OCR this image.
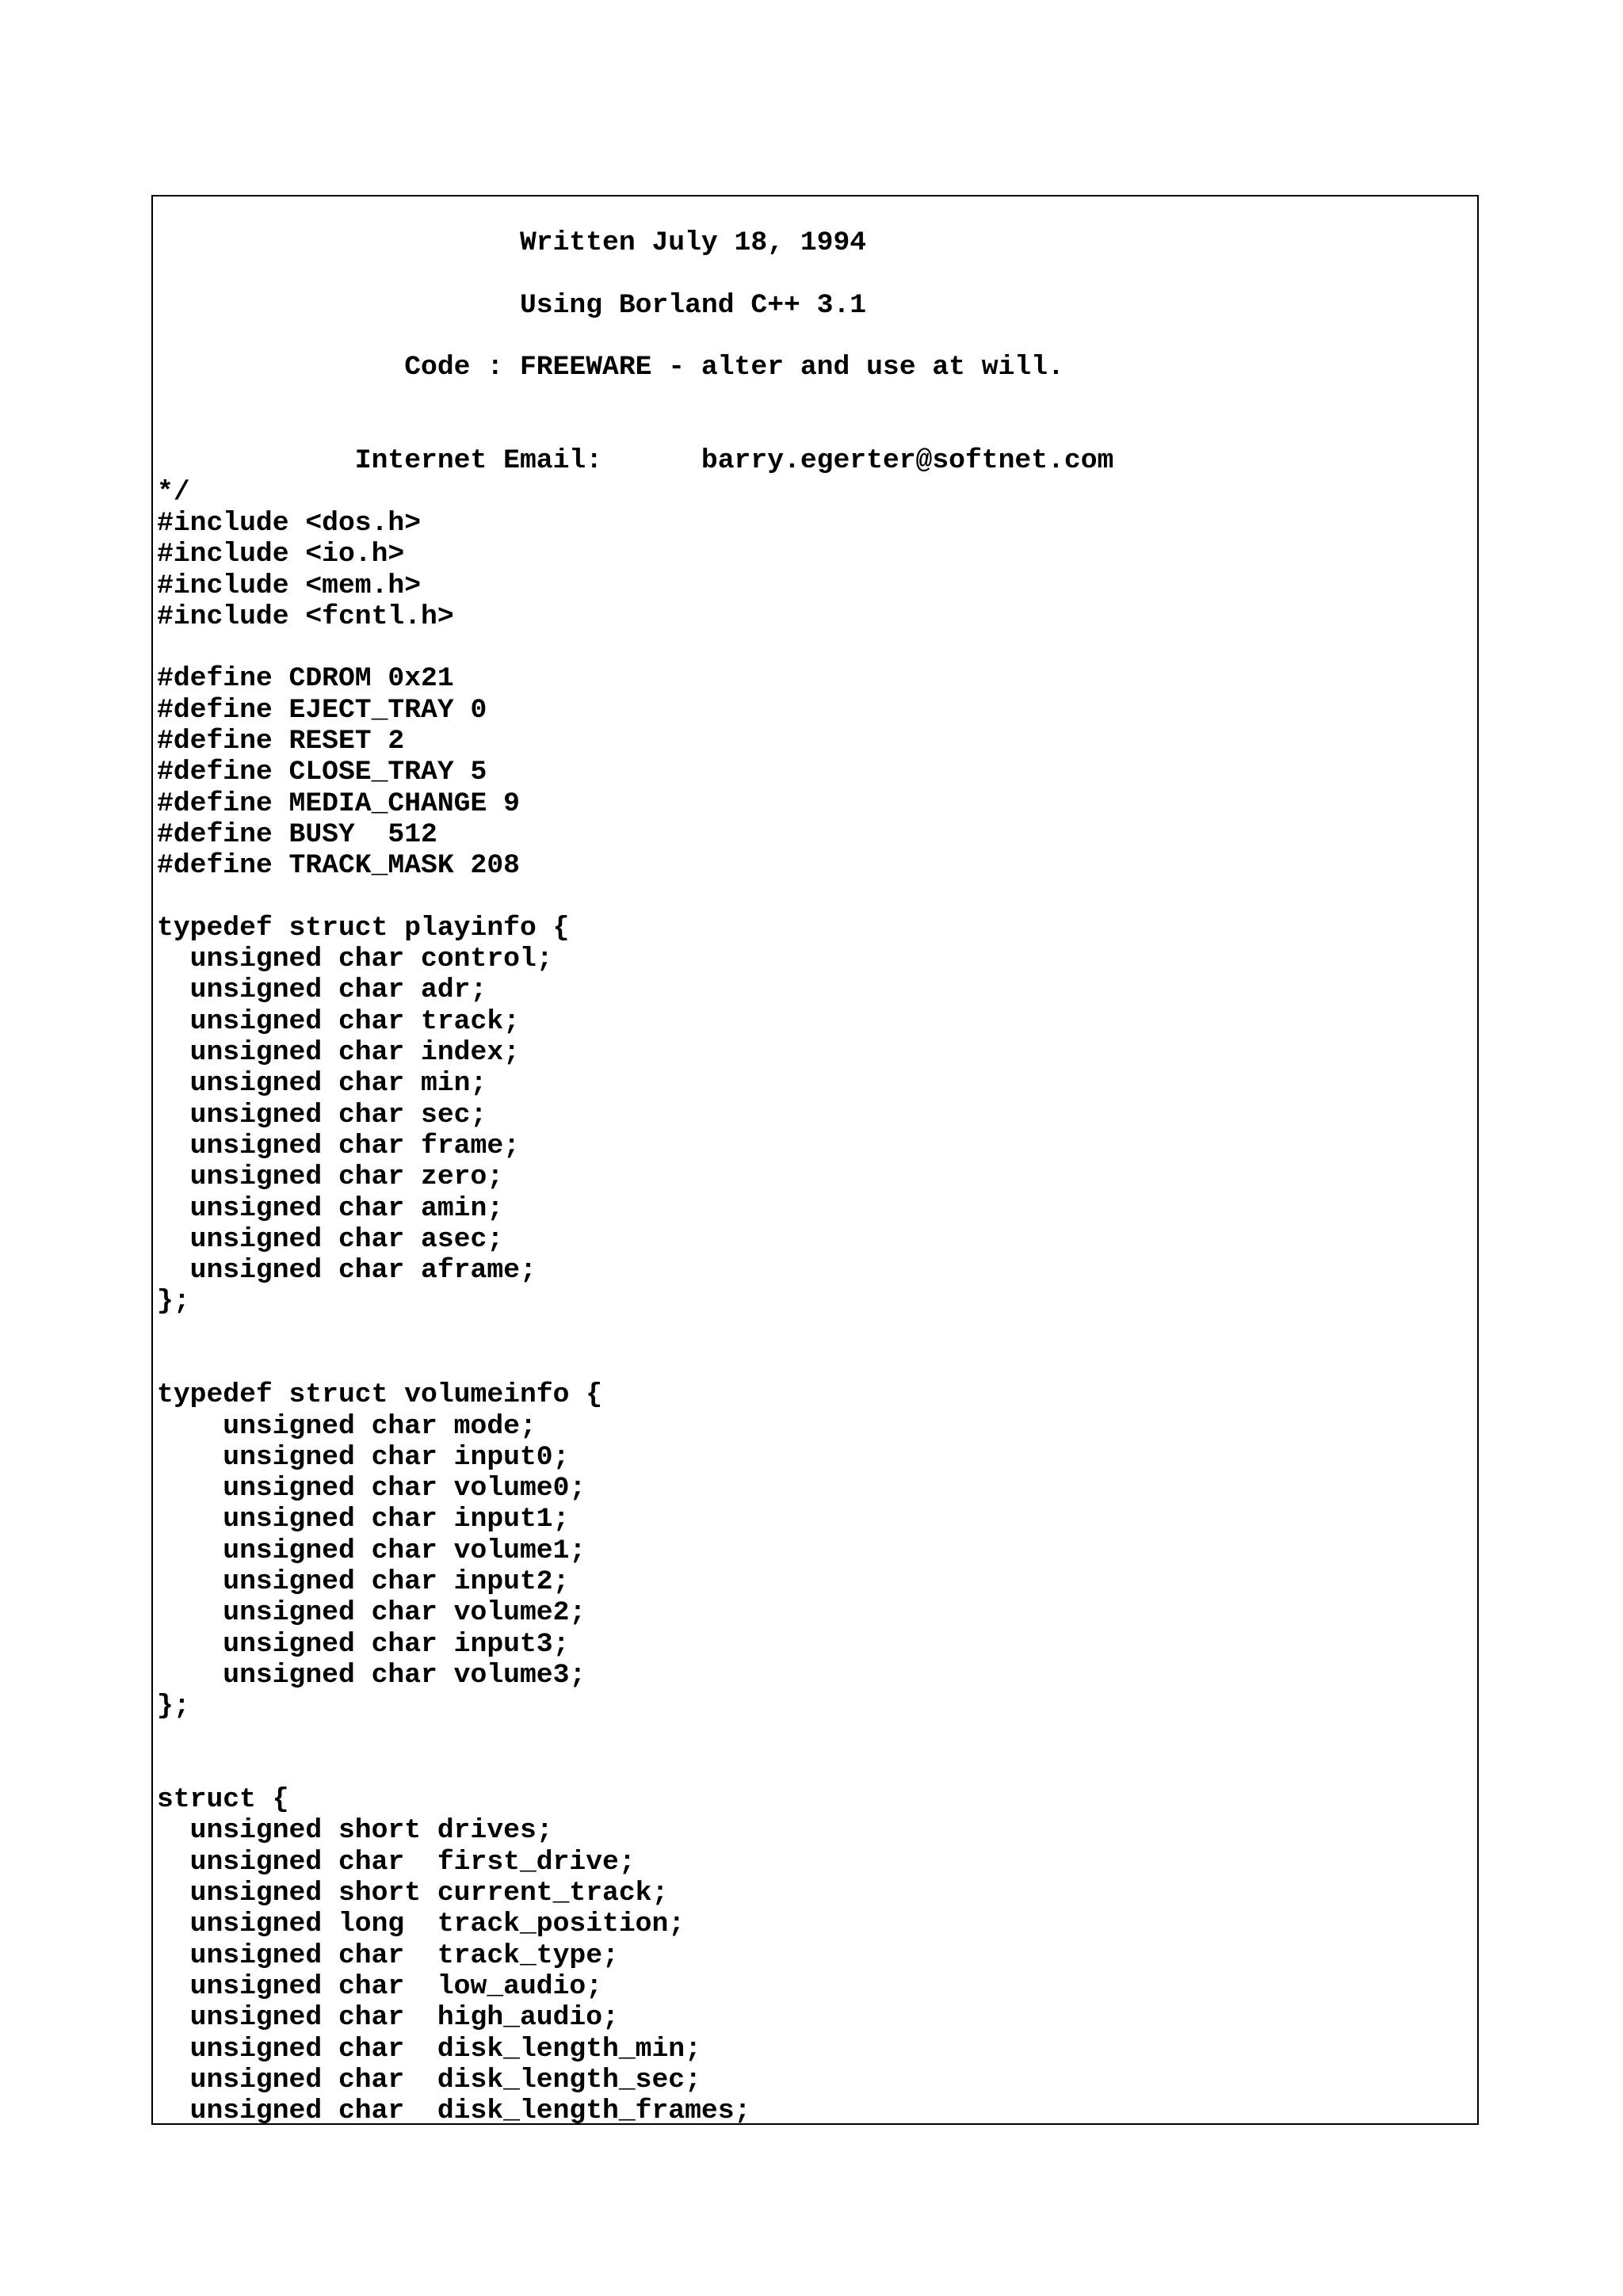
Written July 18, 1994
Using Borland C++ 3.1
Code : FREEWARE - alter and use at will.
Internet Email:      barry.egerter@softnet.com
*/
#include <dos.h>
#include <io.h>
#include <mem.h>
#include <fcntl.h>
#define CDROM 0x21
#define EJECT_TRAY 0
#define RESET 2
#define CLOSE_TRAY 5
#define MEDIA_CHANGE 9
#define BUSY  512
#define TRACK_MASK 208
typedef struct playinfo {
unsigned char control;
unsigned char adr;
unsigned char track;
unsigned char index;
unsigned char min;
unsigned char sec;
unsigned char frame;
unsigned char zero;
unsigned char amin;
unsigned char asec;
unsigned char aframe;
};
typedef struct volumeinfo {
unsigned char mode;
unsigned char input0;
unsigned char volume0;
unsigned char input1;
unsigned char volume1;
unsigned char input2;
unsigned char volume2;
unsigned char input3;
unsigned char volume3;
};
struct {
unsigned short drives;
unsigned char  first_drive;
unsigned short current_track;
unsigned long  track_position;
unsigned char  track_type;
unsigned char  low_audio;
unsigned char  high_audio;
unsigned char  disk_length_min;
unsigned char  disk_length_sec;
unsigned char  disk_length_frames;
